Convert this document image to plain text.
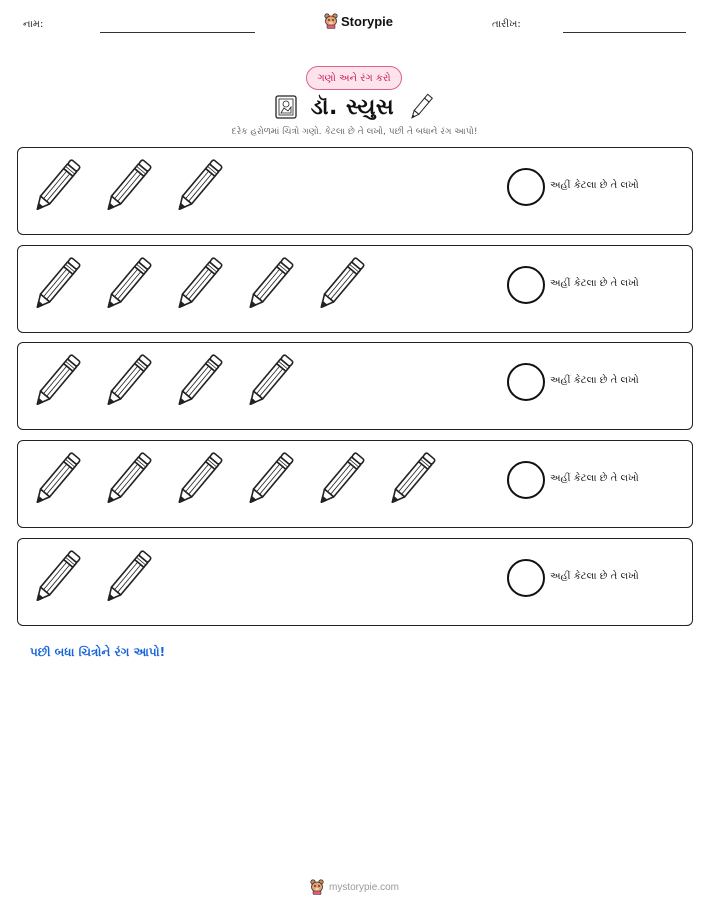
નામ:	Storypie	તારીખ:
ગણો અને રંગ કરો
ડૉ. સ્યુસ
દરેક હરોળમાં ચિત્રો ગણો. કેટલા છે તે લખો, પછી તે બધાને રંગ આપો!
અહીં કેટલા છે તે લખો
અહીં કેટલા છે તે લખો
અહીં કેટલા છે તે લખો
અહીં કેટલા છે તે લખો
અહીં કેટલા છે તે લખો
પછી બધા ચિત્રોને રંગ આપો!
mystorypie.com
